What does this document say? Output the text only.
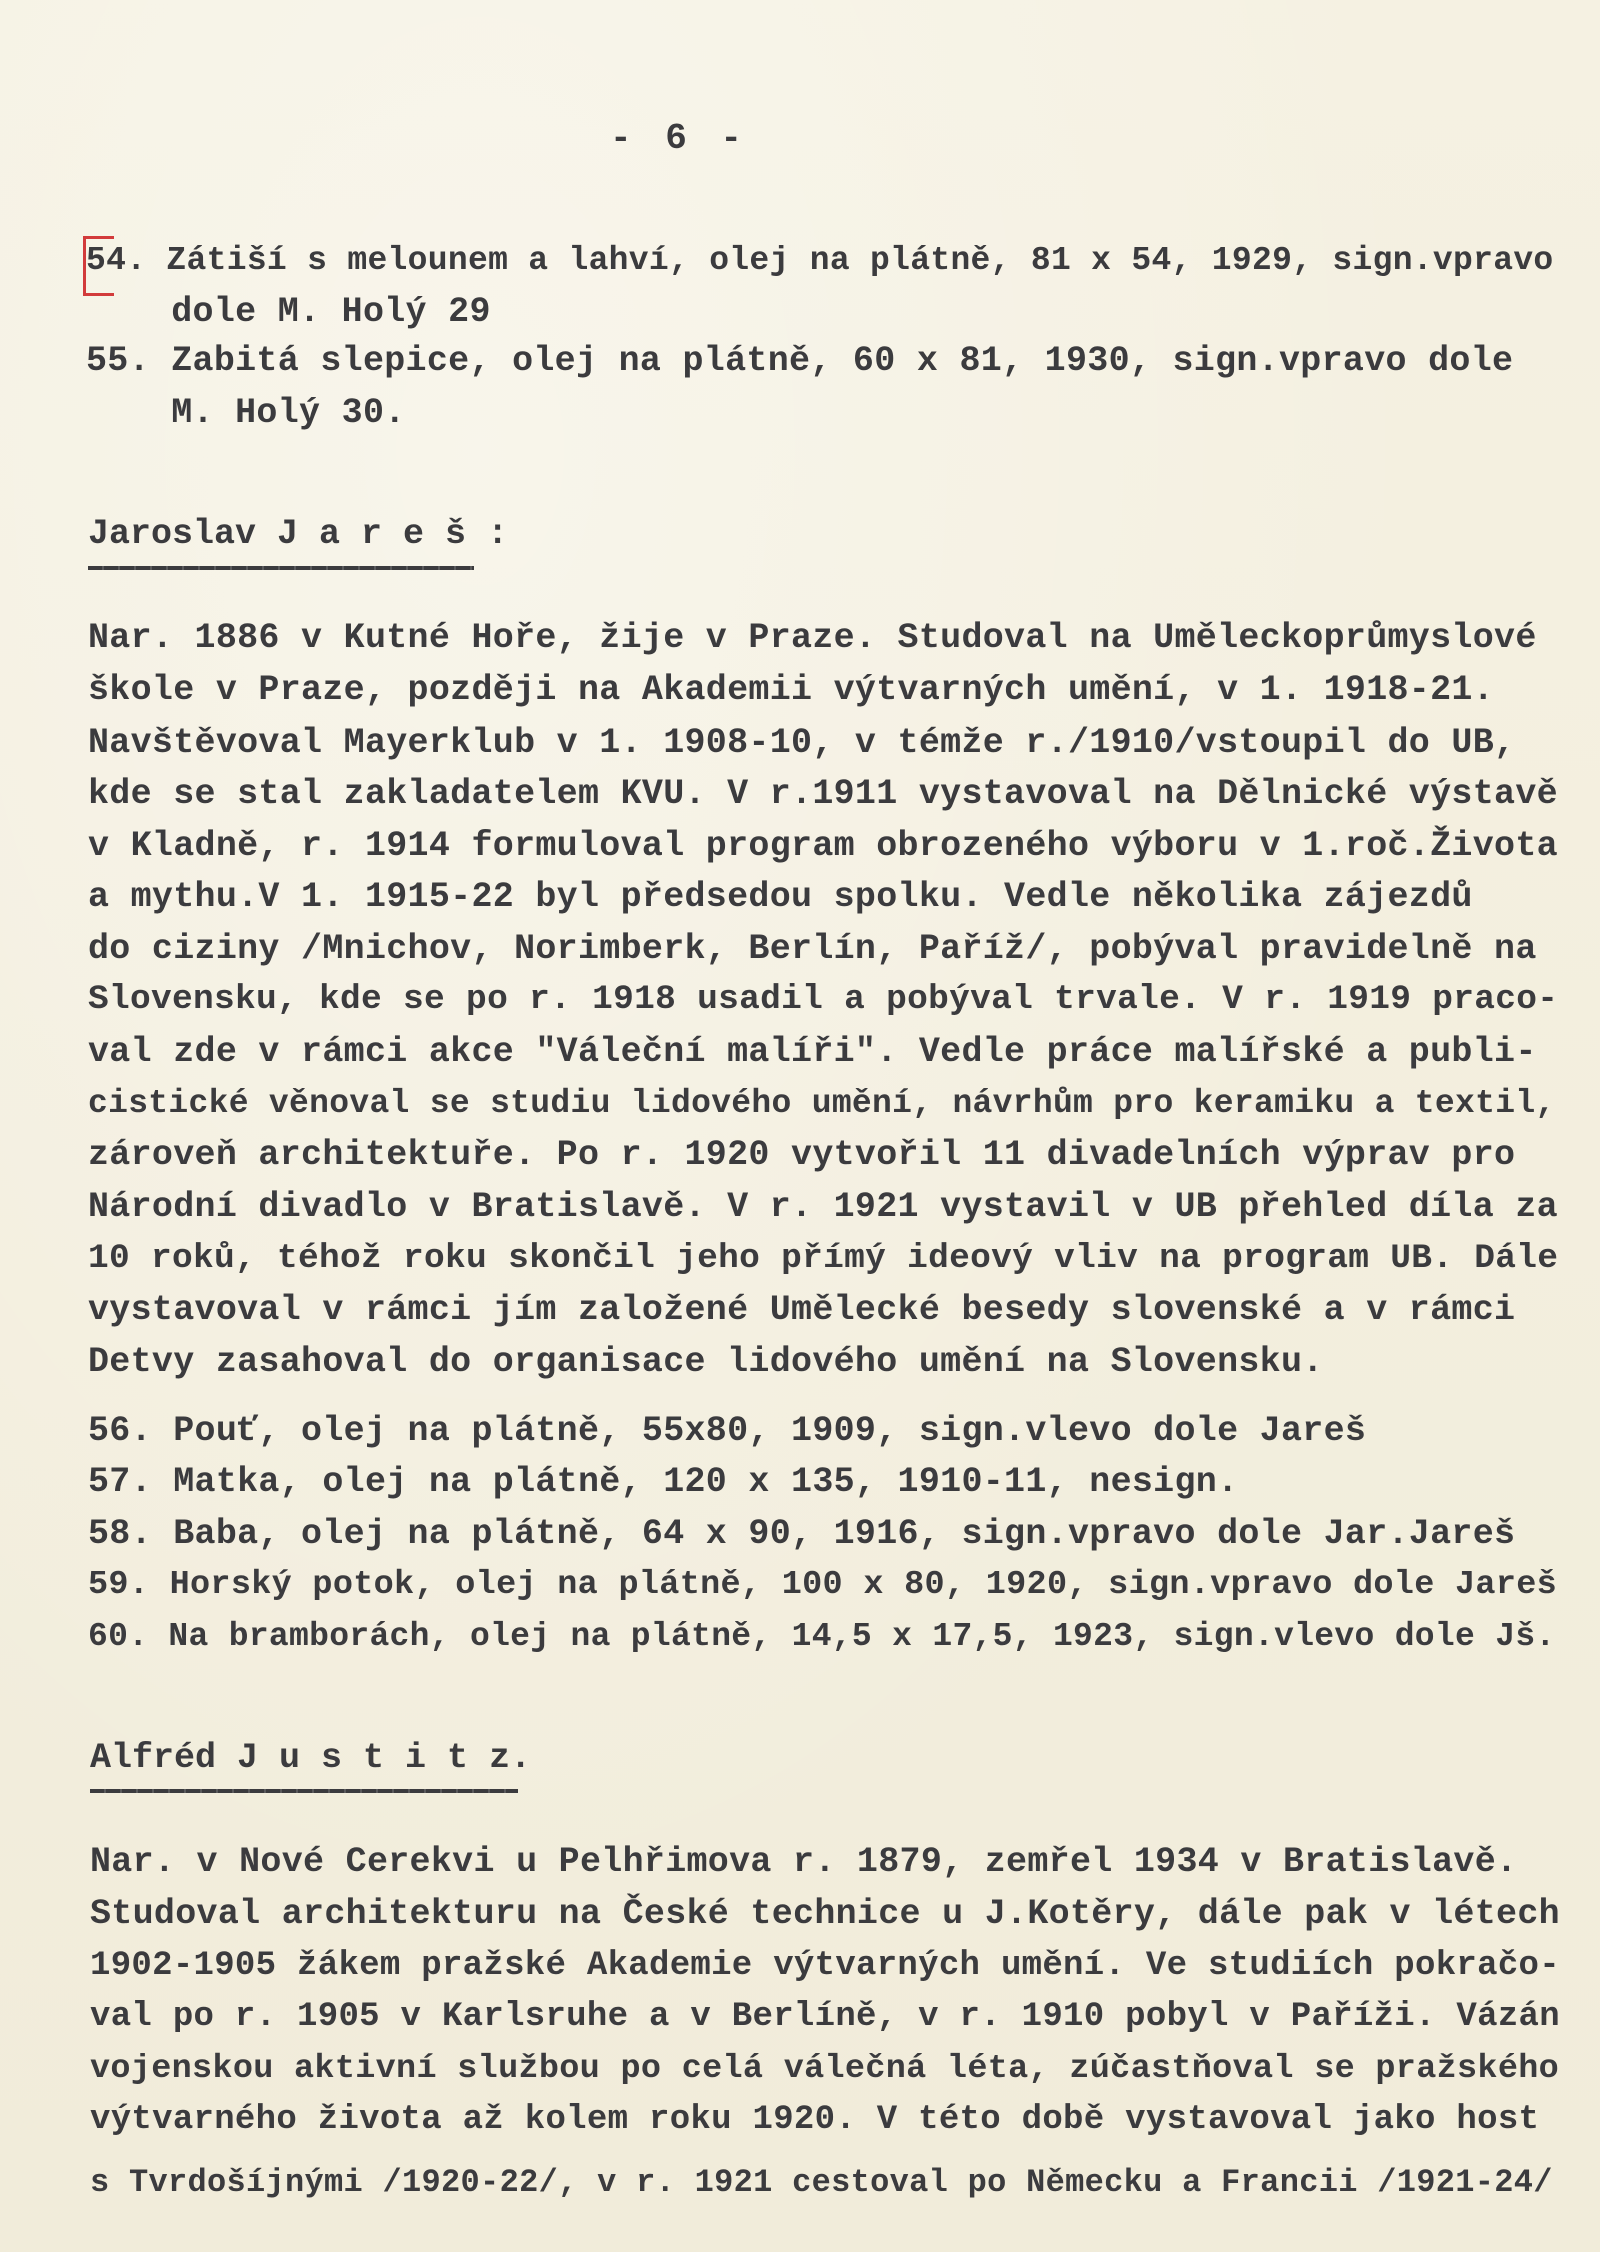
- 6 -
54. Zátiší s melounem a lahví, olej na plátně, 81 x 54, 1929, sign.vpravo
dole M. Holý 29
55. Zabitá slepice, olej na plátně, 60 x 81, 1930, sign.vpravo dole
M. Holý 30.
Jaroslav J a r e š :
Nar. 1886 v Kutné Hoře, žije v Praze. Studoval na Uměleckoprůmyslové
škole v Praze, později na Akademii výtvarných umění, v 1. 1918-21.
Navštěvoval Mayerklub v 1. 1908-10, v témže r./1910/vstoupil do UB,
kde se stal zakladatelem KVU. V r.1911 vystavoval na Dělnické výstavě
v Kladně, r. 1914 formuloval program obrozeného výboru v 1.roč.Života
a mythu.V 1. 1915-22 byl předsedou spolku. Vedle několika zájezdů
do ciziny /Mnichov, Norimberk, Berlín, Paříž/, pobýval pravidelně na
Slovensku, kde se po r. 1918 usadil a pobýval trvale. V r. 1919 praco-
val zde v rámci akce "Váleční malíři". Vedle práce malířské a publi-
cistické věnoval se studiu lidového umění, návrhům pro keramiku a textil,
zároveň architektuře. Po r. 1920 vytvořil 11 divadelních výprav pro
Národní divadlo v Bratislavě. V r. 1921 vystavil v UB přehled díla za
10 roků, téhož roku skončil jeho přímý ideový vliv na program UB. Dále
vystavoval v rámci jím založené Umělecké besedy slovenské a v rámci
Detvy zasahoval do organisace lidového umění na Slovensku.
56. Pouť, olej na plátně, 55x80, 1909, sign.vlevo dole Jareš
57. Matka, olej na plátně, 120 x 135, 1910-11, nesign.
58. Baba, olej na plátně, 64 x 90, 1916, sign.vpravo dole Jar.Jareš
59. Horský potok, olej na plátně, 100 x 80, 1920, sign.vpravo dole Jareš
60. Na bramborách, olej na plátně, 14,5 x 17,5, 1923, sign.vlevo dole Jš.
Alfréd J u s t i t z.
Nar. v Nové Cerekvi u Pelhřimova r. 1879, zemřel 1934 v Bratislavě.
Studoval architekturu na České technice u J.Kotěry, dále pak v létech
1902-1905 žákem pražské Akademie výtvarných umění. Ve studiích pokračo-
val po r. 1905 v Karlsruhe a v Berlíně, v r. 1910 pobyl v Paříži. Vázán
vojenskou aktivní službou po celá válečná léta, zúčastňoval se pražského
výtvarného života až kolem roku 1920. V této době vystavoval jako host
s Tvrdošíjnými /1920-22/, v r. 1921 cestoval po Německu a Francii /1921-24/
